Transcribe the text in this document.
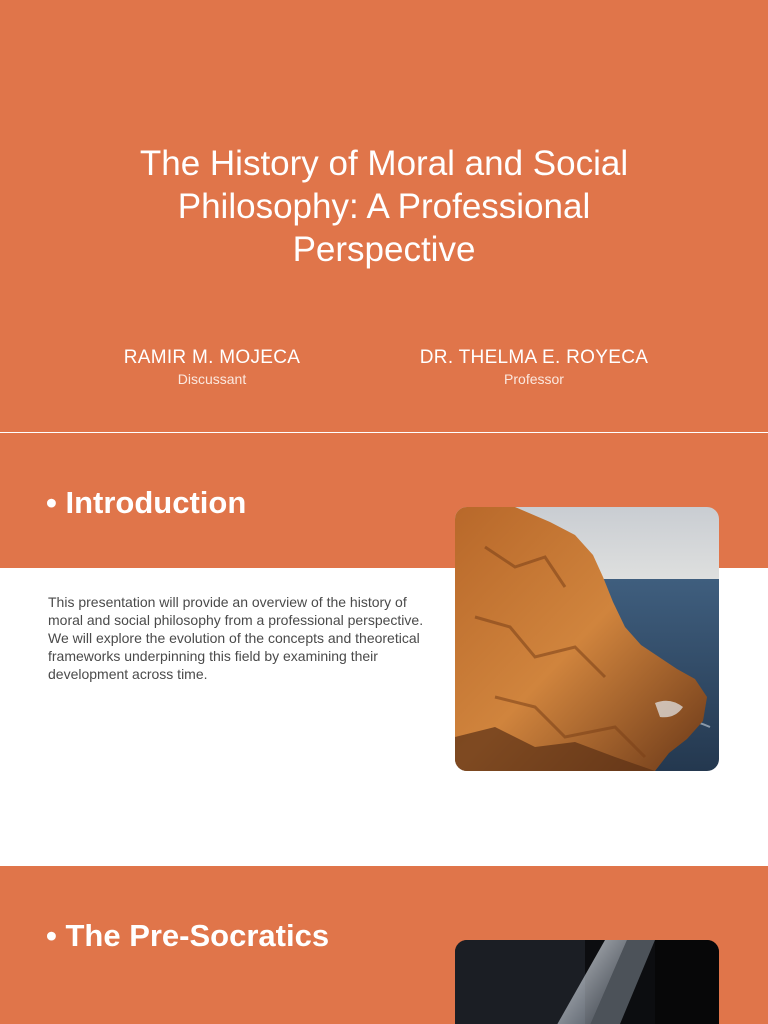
The History of Moral and Social
Philosophy: A Professional
Perspective
RAMIR M. MOJECA
Discussant
DR. THELMA E. ROYECA
Professor
• Introduction

This presentation will provide an overview of the history of moral and social philosophy from a professional perspective. We will explore the evolution of the concepts and theoretical frameworks underpinning this field by examining their development across time.

• The Pre-Socratics
